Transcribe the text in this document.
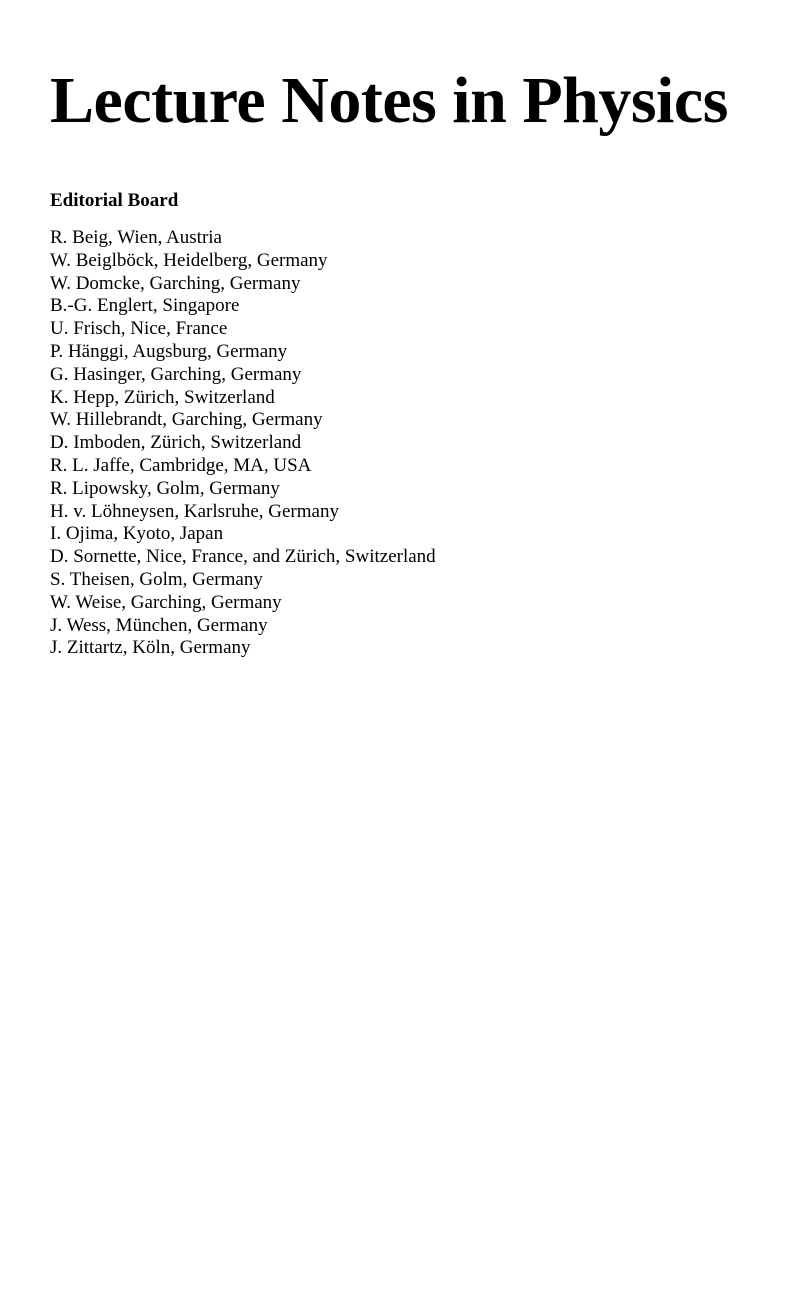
Lecture Notes in Physics
Editorial Board
R. Beig, Wien, Austria
W. Beiglböck, Heidelberg, Germany
W. Domcke, Garching, Germany
B.-G. Englert, Singapore
U. Frisch, Nice, France
P. Hänggi, Augsburg, Germany
G. Hasinger, Garching, Germany
K. Hepp, Zürich, Switzerland
W. Hillebrandt, Garching, Germany
D. Imboden, Zürich, Switzerland
R. L. Jaffe, Cambridge, MA, USA
R. Lipowsky, Golm, Germany
H. v. Löhneysen, Karlsruhe, Germany
I. Ojima, Kyoto, Japan
D. Sornette, Nice, France, and Zürich, Switzerland
S. Theisen, Golm, Germany
W. Weise, Garching, Germany
J. Wess, München, Germany
J. Zittartz, Köln, Germany
